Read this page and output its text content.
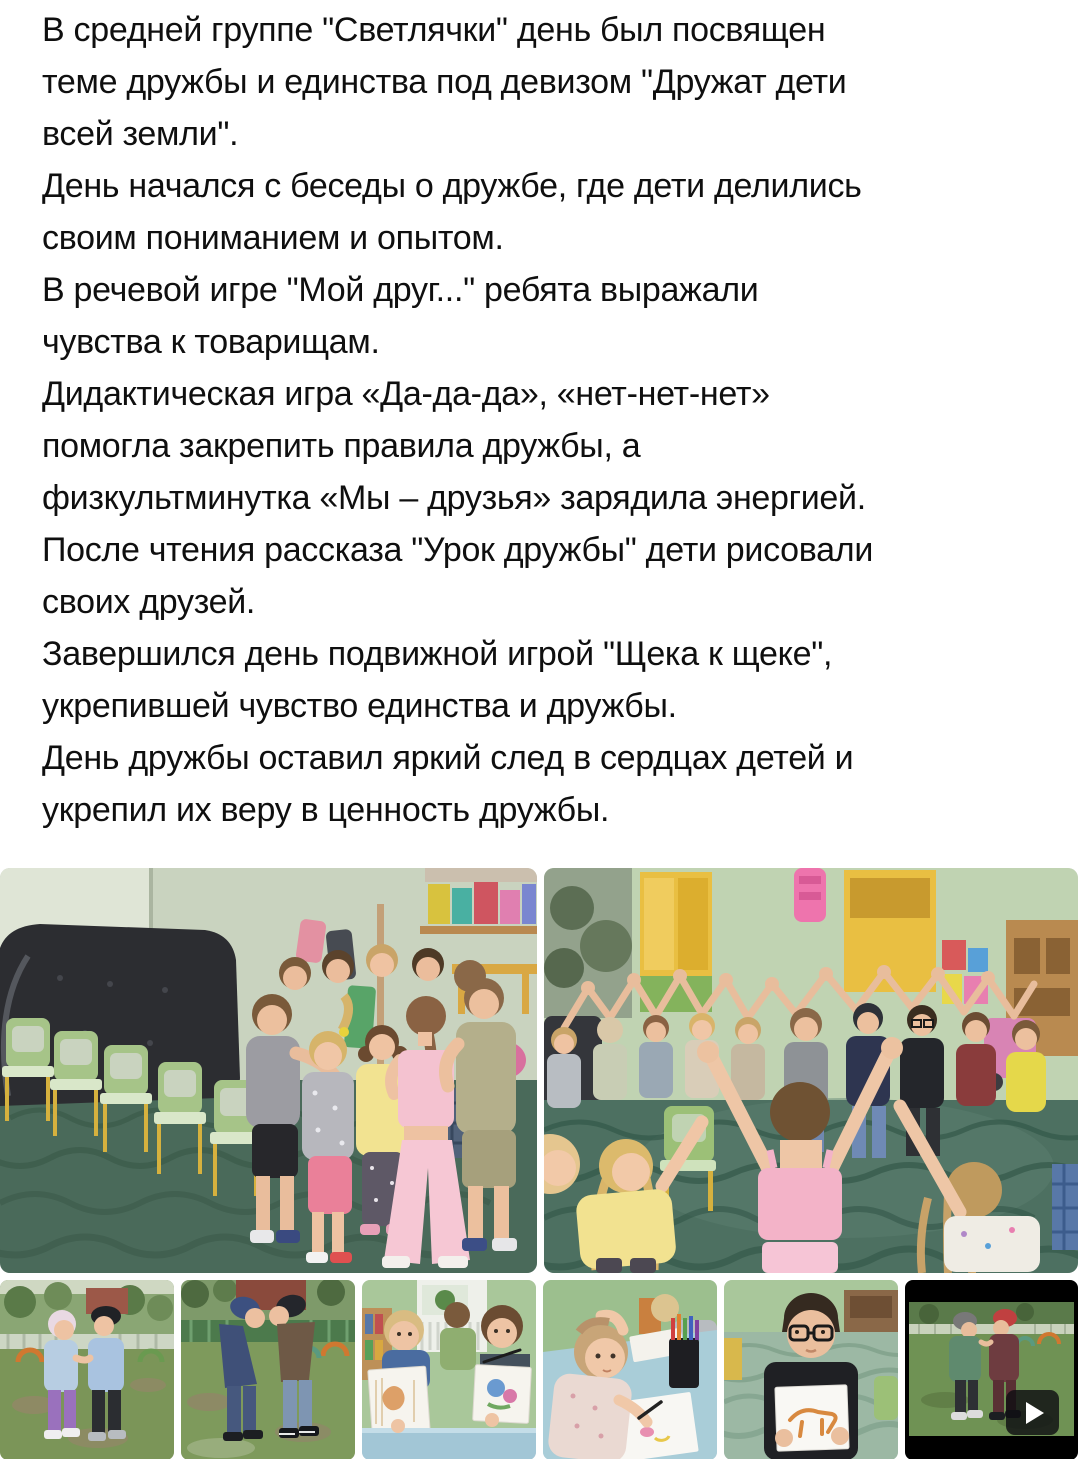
В средней группе "Светлячки" день был посвящен
теме дружбы и единства под девизом "Дружат дети
всей земли".
День начался с беседы о дружбе, где дети делились
своим пониманием и опытом.
В речевой игре "Мой друг..." ребята выражали
чувства к товарищам.
Дидактическая игра «Да-да-да», «нет-нет-нет»
помогла закрепить правила дружбы, а
физкультминутка «Мы – друзья» зарядила энергией.
После чтения рассказа "Урок дружбы" дети рисовали
своих друзей.
Завершился день подвижной игрой "Щека к щеке",
укрепившей чувство единства и дружбы.
День дружбы оставил яркий след в сердцах детей и
укрепил их веру в ценность дружбы.
